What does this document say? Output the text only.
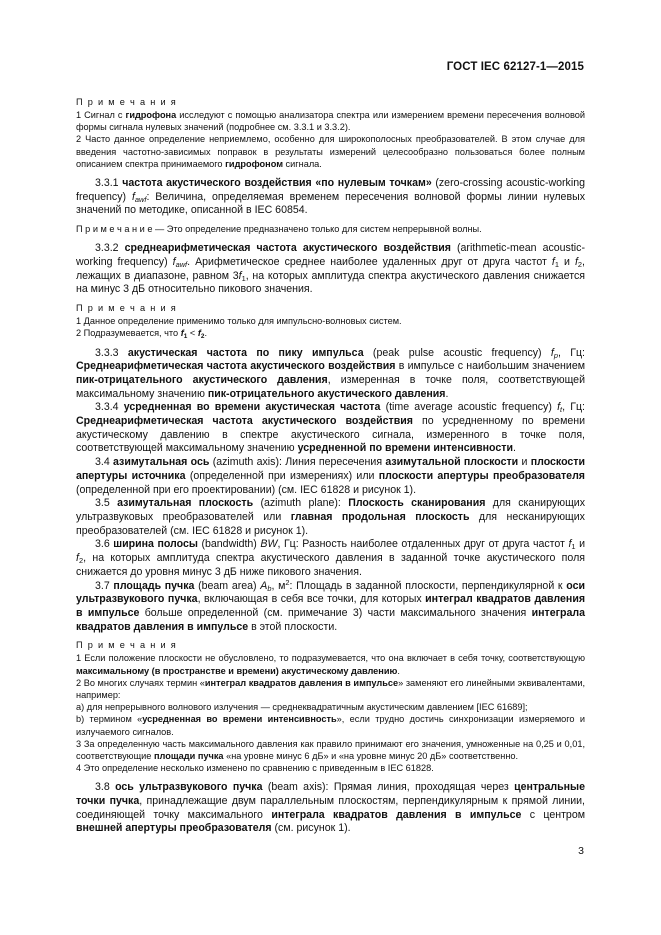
ГОСТ IEC 62127-1—2015

П р и м е ч а н и я

1 Сигнал с гидрофона исследуют с помощью анализатора спектра или измерением времени пересечения волновой формы сигнала нулевых значений (подробнее см. 3.3.1 и 3.3.2).

2 Часто данное определение неприемлемо, особенно для широкополосных преобразователей. В этом случае для введения частотно-зависимых поправок в результаты измерений целесообразно пользоваться более полным описанием спектра принимаемого гидрофоном сигнала.

3.3.1 частота акустического воздействия «по нулевым точкам» (zero-crossing acoustic-working frequency) $f_{awf}$: Величина, определяемая временем пересечения волновой формы линии нулевых значений по методике, описанной в IEC 60854.

П р и м е ч а н и е — Это определение предназначено только для систем непрерывной волны.

3.3.2 среднеарифметическая частота акустического воздействия (arithmetic-mean acoustic-working frequency) $f_{awf}$. Арифметическое среднее наиболее удаленных друг от друга частот $f_1$ и $f_2$, лежащих в диапазоне, равном $3f_1$, на которых амплитуда спектра акустического давления снижается на минус 3 дБ относительно пикового значения.

П р и м е ч а н и я

1 Данное определение применимо только для импульсно-волновых систем.

2 Подразумевается, что $f_1 < f_2$.

3.3.3 акустическая частота по пику импульса (peak pulse acoustic frequency) $f_p$, Гц: Среднеарифметическая частота акустического воздействия в импульсе с наибольшим значением пик-отрицательного акустического давления, измеренная в точке поля, соответствующей максимальному значению пик-отрицательного акустического давления.

3.3.4 усредненная во времени акустическая частота (time average acoustic frequency) $f_t$, Гц: Среднеарифметическая частота акустического воздействия по усредненному по времени акустическому давлению в спектре акустического сигнала, измеренного в точке поля, соответствующей максимальному значению усредненной по времени интенсивности.

3.4 азимутальная ось (azimuth axis): Линия пересечения азимутальной плоскости и плоскости апертуры источника (определенной при измерениях) или плоскости апертуры преобразователя (определенной при его проектировании) (см. IEC 61828 и рисунок 1).

3.5 азимутальная плоскость (azimuth plane): Плоскость сканирования для сканирующих ультразвуковых преобразователей или главная продольная плоскость для несканирующих преобразователей (см. IEC 61828 и рисунок 1).

3.6 ширина полосы (bandwidth) BW, Гц: Разность наиболее отдаленных друг от друга частот $f_1$ и $f_2$, на которых амплитуда спектра акустического давления в заданной точке акустического поля снижается до уровня минус 3 дБ ниже пикового значения.

3.7 площадь пучка (beam area) $A_b$, $м^2$: Площадь в заданной плоскости, перпендикулярной к оси ультразвукового пучка, включающая в себя все точки, для которых интеграл квадратов давления в импульсе больше определенной (см. примечание 3) части максимального значения интеграла квадратов давления в импульсе в этой плоскости.

П р и м е ч а н и я

1 Если положение плоскости не обусловлено, то подразумевается, что она включает в себя точку, соответствующую максимальному (в пространстве и времени) акустическому давлению.

2 Во многих случаях термин «интеграл квадратов давления в импульсе» заменяют его линейными эквивалентами, например:

а) для непрерывного волнового излучения — среднеквадратичным акустическим давлением [IEC 61689];

b) термином «усредненная во времени интенсивность», если трудно достичь синхронизации измеряемого и излучаемого сигналов.

3 За определенную часть максимального давления как правило принимают его значения, умноженные на 0,25 и 0,01, соответствующие площади пучка «на уровне минус 6 дБ» и «на уровне минус 20 дБ» соответственно.

4 Это определение несколько изменено по сравнению с приведенным в IEC 61828.

3.8 ось ультразвукового пучка (beam axis): Прямая линия, проходящая через центральные точки пучка, принадлежащие двум параллельным плоскостям, перпендикулярным к прямой линии, соединяющей точку максимального интеграла квадратов давления в импульсе с центром внешней апертуры преобразователя (см. рисунок 1).

3
